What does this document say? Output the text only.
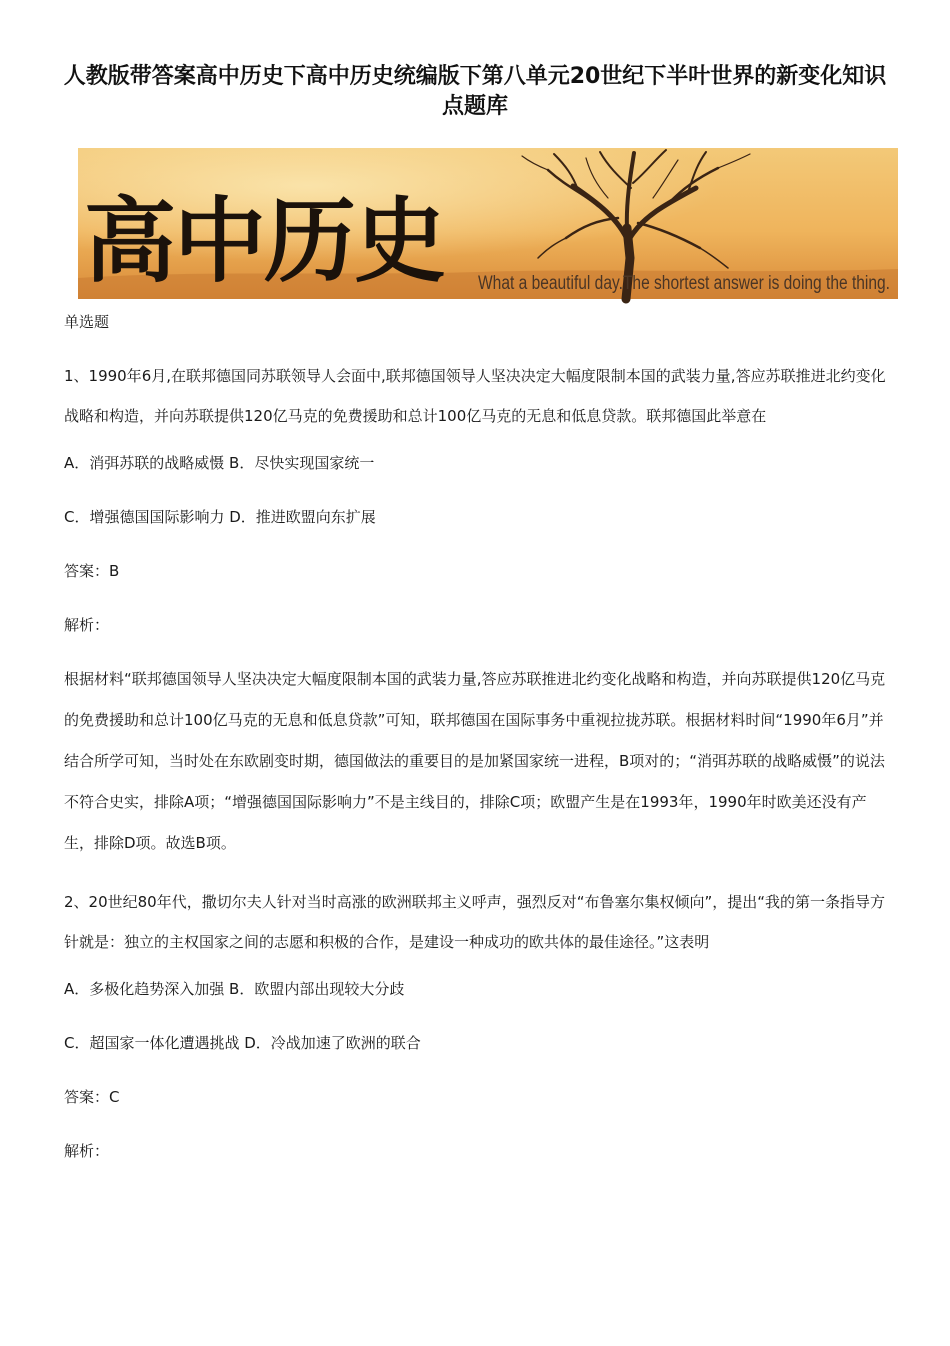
人教版带答案高中历史下高中历史统编版下第八单元20世纪下半叶世界的新变化知识点题库
高中历史 What a beautiful day.The shortest answer is doing the thing.

单选题

1、1990年6月,在联邦德国同苏联领导人会面中,联邦德国领导人坚决决定大幅度限制本国的武装力量,答应苏联推进北约变化战略和构造，并向苏联提供120亿马克的免费援助和总计100亿马克的无息和低息贷款。联邦德国此举意在

A．消弭苏联的战略威慑 B．尽快实现国家统一

C．增强德国国际影响力 D．推进欧盟向东扩展

答案：B

解析：

根据材料“联邦德国领导人坚决决定大幅度限制本国的武装力量,答应苏联推进北约变化战略和构造，并向苏联提供120亿马克的免费援助和总计100亿马克的无息和低息贷款”可知，联邦德国在国际事务中重视拉拢苏联。根据材料时间“1990年6月”并结合所学可知，当时处在东欧剧变时期，德国做法的重要目的是加紧国家统一进程，B项对的；“消弭苏联的战略威慑”的说法不符合史实，排除A项；“增强德国国际影响力”不是主线目的，排除C项；欧盟产生是在1993年，1990年时欧美还没有产生，排除D项。故选B项。

2、20世纪80年代，撒切尔夫人针对当时高涨的欧洲联邦主义呼声，强烈反对“布鲁塞尔集权倾向”，提出“我的第一条指导方针就是：独立的主权国家之间的志愿和积极的合作，是建设一种成功的欧共体的最佳途径。”这表明

A．多极化趋势深入加强 B．欧盟内部出现较大分歧

C．超国家一体化遭遇挑战 D．冷战加速了欧洲的联合

答案：C

解析：
